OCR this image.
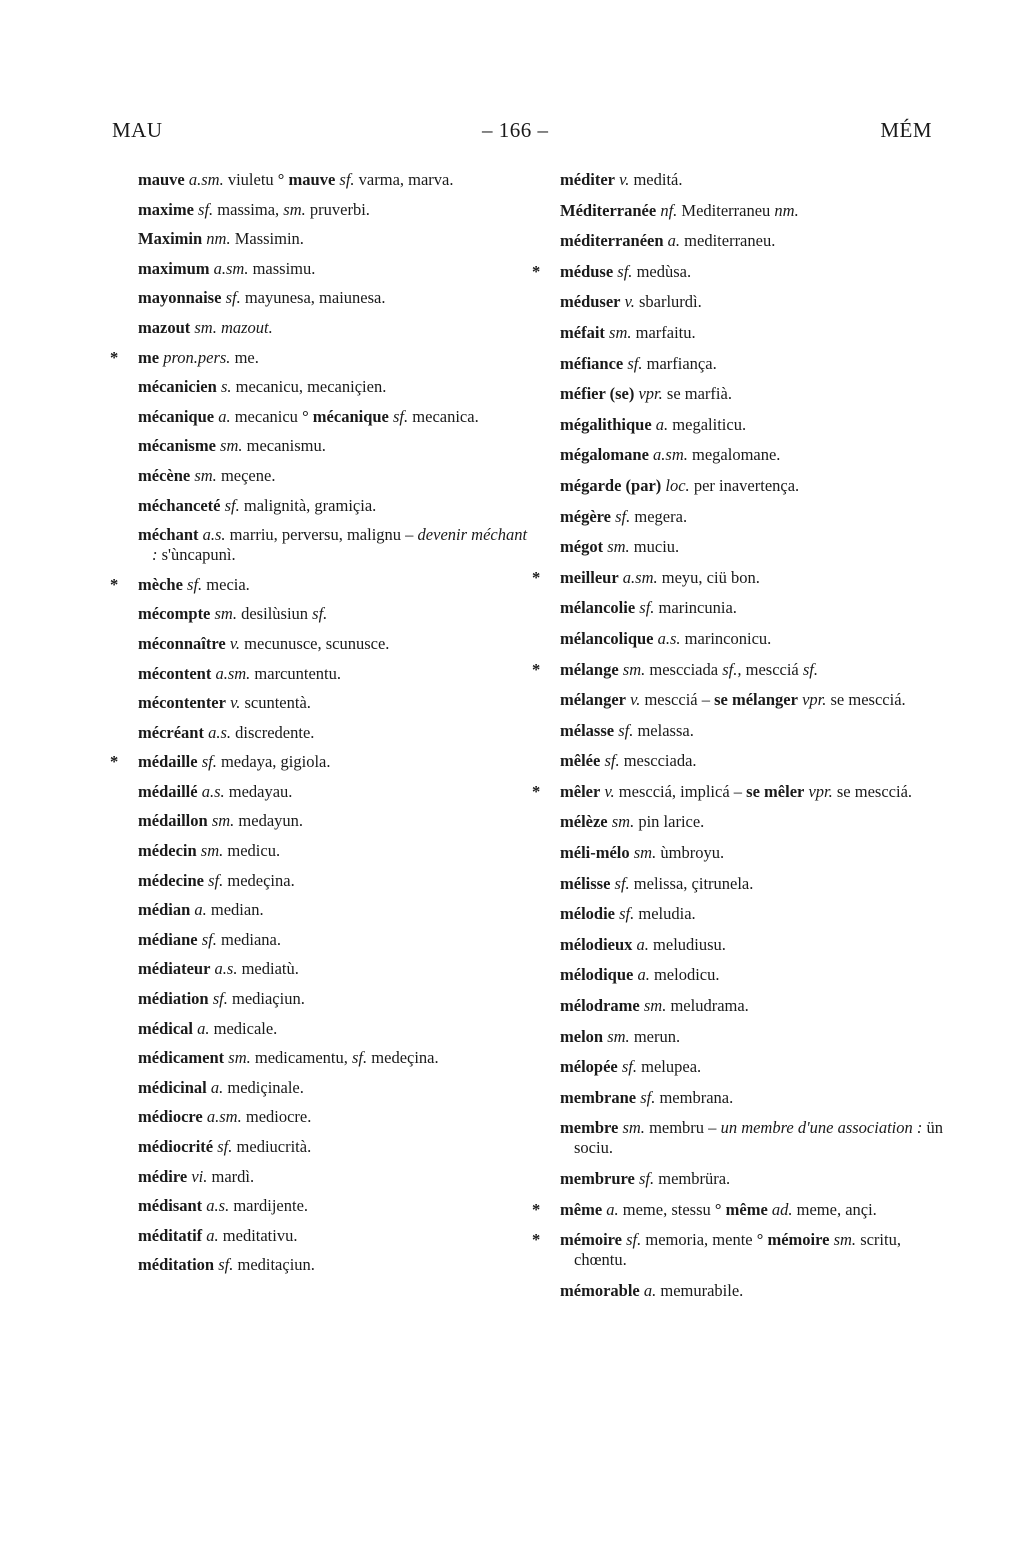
MAU	– 166 –	MÉM
mauve a.sm. viuletu ° mauve sf. varma, marva.
maxime sf. massima, sm. pruverbi.
Maximin nm. Massimin.
maximum a.sm. massimu.
mayonnaise sf. mayunesa, maiunesa.
mazout sm. mazout.
* me pron.pers. me.
mécanicien s. mecanicu, mecaniçien.
mécanique a. mecanicu ° mécanique sf. mecanica.
mécanisme sm. mecanismu.
mécène sm. meçene.
méchanceté sf. malignità, gramiçia.
méchant a.s. marriu, perversu, malignu – devenir méchant : s'ùncapunì.
* mèche sf. mecia.
mécompte sm. desilùsiun sf.
méconnaître v. mecunusce, scunusce.
mécontent a.sm. marcuntentu.
mécontenter v. scuntentà.
mécréant a.s. discredente.
* médaille sf. medaya, gigiola.
médaillé a.s. medayau.
médaillon sm. medayun.
médecin sm. medicu.
médecine sf. medeçina.
médian a. median.
médiane sf. mediana.
médiateur a.s. mediatù.
médiation sf. mediaçiun.
médical a. medicale.
médicament sm. medicamentu, sf. medeçina.
médicinal a. mediçinale.
médiocre a.sm. mediocre.
médiocrité sf. mediucrità.
médire vi. mardì.
médisant a.s. mardijente.
méditatif a. meditativu.
méditation sf. meditaçiun.
méditer v. meditá.
Méditerranée nf. Mediterraneu nm.
méditerranéen a. mediterraneu.
* méduse sf. medùsa.
méduser v. sbarlurdì.
méfait sm. marfaitu.
méfiance sf. marfiança.
méfier (se) vpr. se marfià.
mégalithique a. megaliticu.
mégalomane a.sm. megalomane.
mégarde (par) loc. per inavertença.
mégère sf. megera.
mégot sm. muciu.
* meilleur a.sm. meyu, ciü bon.
mélancolie sf. marincunia.
mélancolique a.s. marinconicu.
* mélange sm. mescciada sf., mescciá sf.
mélanger v. mescciá – se mélanger vpr. se mescciá.
mélasse sf. melassa.
mêlée sf. mescciada.
* mêler v. mescciá, implicá – se mêler vpr. se mescciá.
mélèze sm. pin larice.
méli-mélo sm. ùmbroyu.
mélisse sf. melissa, çitrunela.
mélodie sf. meludia.
mélodieux a. meludiusu.
mélodique a. melodicu.
mélodrame sm. meludrama.
melon sm. merun.
mélopée sf. melupea.
membrane sf. membrana.
membre sm. membru – un membre d'une association : ün sociu.
membrure sf. membrüra.
* même a. meme, stessu ° même ad. meme, ançi.
* mémoire sf. memoria, mente ° mémoire sm. scritu, chœntu.
mémorable a. memurabile.
